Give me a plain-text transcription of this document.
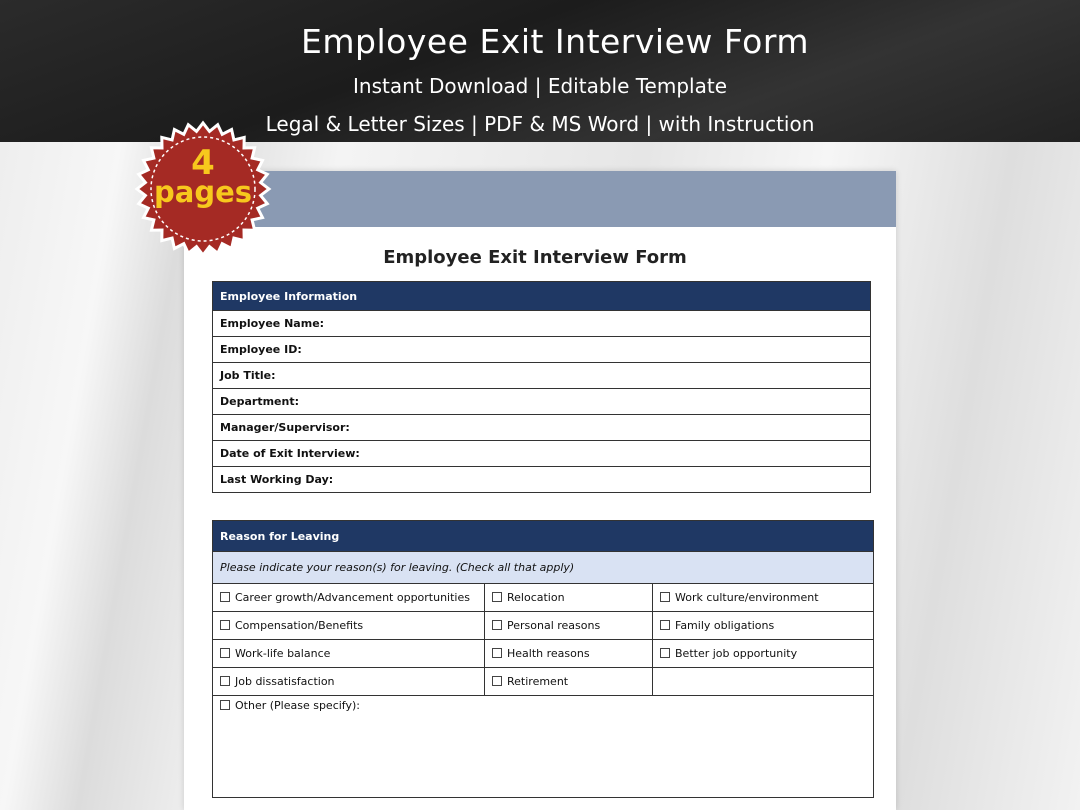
Employee Exit Interview Form
Instant Download | Editable Template
Legal & Letter Sizes | PDF & MS Word | with Instruction
Employee Exit Interview Form
Employee Information
Employee Name:
Employee ID:
Job Title:
Department:
Manager/Supervisor:
Date of Exit Interview:
Last Working Day:
Reason for Leaving		
Please indicate your reason(s) for leaving. (Check all that apply)		
Career growth/Advancement opportunities	Relocation	Work culture/environment
Compensation/Benefits	Personal reasons	Family obligations
Work-life balance	Health reasons	Better job opportunity
Job dissatisfaction	Retirement	
Other (Please specify):		
4
pages
